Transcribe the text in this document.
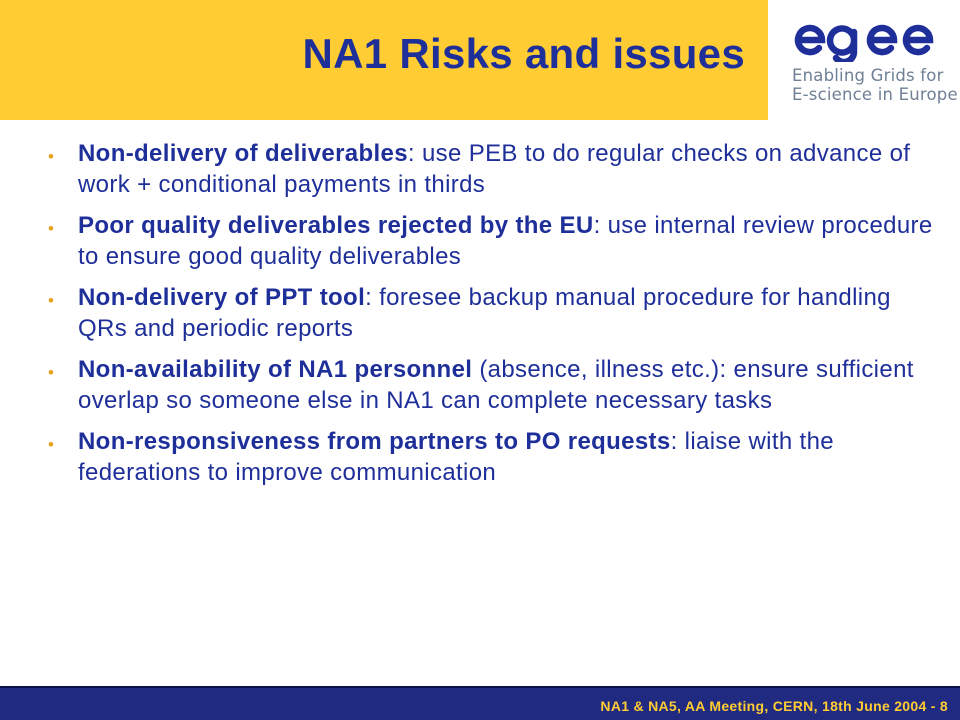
NA1 Risks and issues	Enabling Grids for
E-science in Europe
• Non-delivery of deliverables: use PEB to do regular checks on advance of work + conditional payments in thirds
• Poor quality deliverables rejected by the EU: use internal review procedure to ensure good quality deliverables
• Non-delivery of PPT tool: foresee backup manual procedure for handling QRs and periodic reports
• Non-availability of NA1 personnel (absence, illness etc.): ensure sufficient overlap so someone else in NA1 can complete necessary tasks
• Non-responsiveness from partners to PO requests: liaise with the federations to improve communication
NA1 & NA5, AA Meeting, CERN, 18th June 2004 - 8
